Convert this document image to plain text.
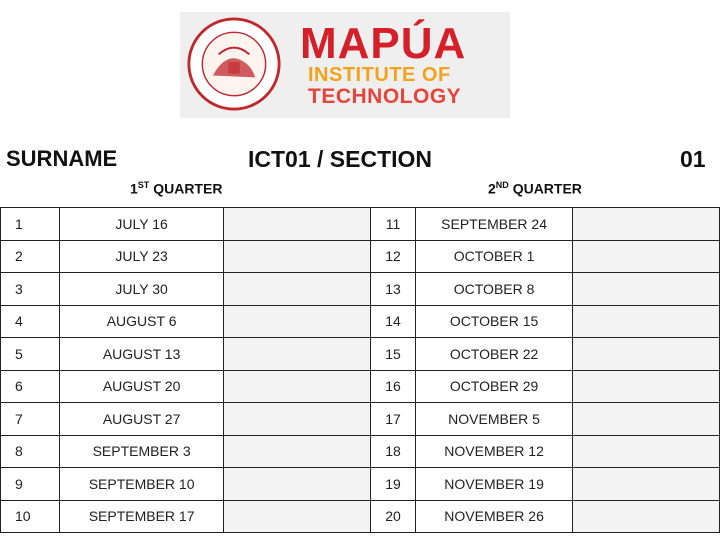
MAPÚA
INSTITUTE OF
TECHNOLOGY
SURNAME	ICT01 / SECTION	01
1ST QUARTER	2ND QUARTER
1	JULY 16		11	SEPTEMBER 24	
2	JULY 23		12	OCTOBER 1	
3	JULY 30		13	OCTOBER 8	
4	AUGUST 6		14	OCTOBER 15	
5	AUGUST 13		15	OCTOBER 22	
6	AUGUST 20		16	OCTOBER 29	
7	AUGUST 27		17	NOVEMBER 5	
8	SEPTEMBER 3		18	NOVEMBER 12	
9	SEPTEMBER 10		19	NOVEMBER 19	
10	SEPTEMBER 17		20	NOVEMBER 26	
